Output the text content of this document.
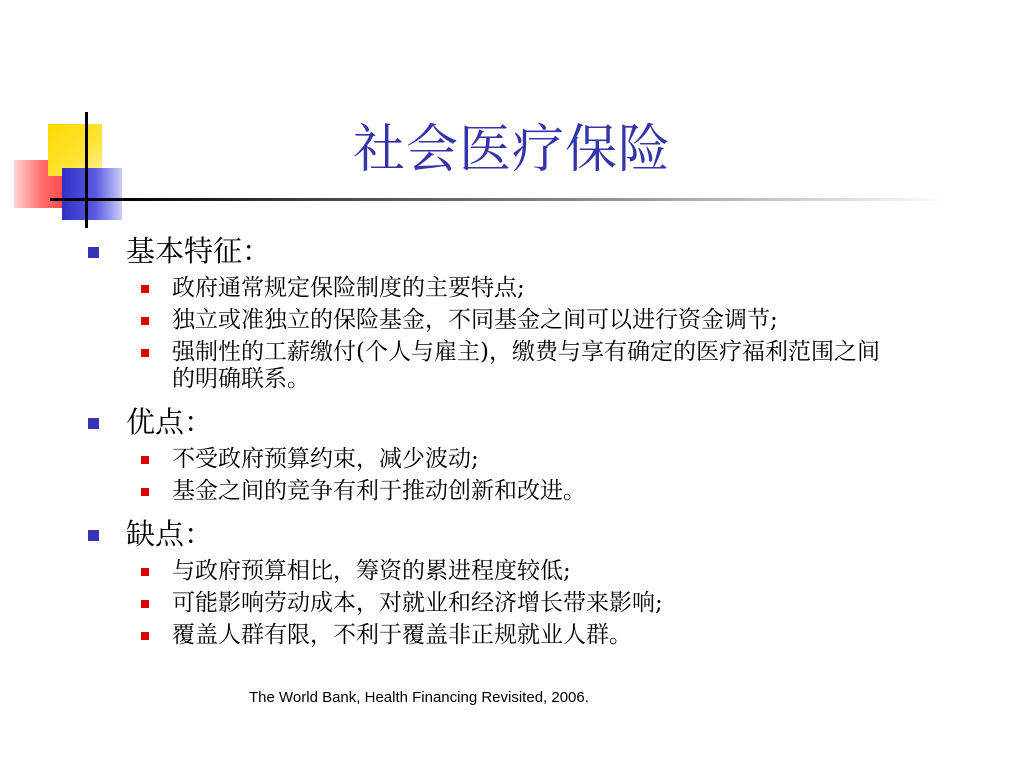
社会医疗保险
基本特征：
政府通常规定保险制度的主要特点;
独立或准独立的保险基金，不同基金之间可以进行资金调节;
强制性的工薪缴付(个人与雇主)，缴费与享有确定的医疗福利范围之间的明确联系。
优点：
不受政府预算约束，减少波动;
基金之间的竞争有利于推动创新和改进。
缺点：
与政府预算相比，筹资的累进程度较低;
可能影响劳动成本，对就业和经济增长带来影响;
覆盖人群有限，不利于覆盖非正规就业人群。
The World Bank, Health Financing Revisited, 2006.
